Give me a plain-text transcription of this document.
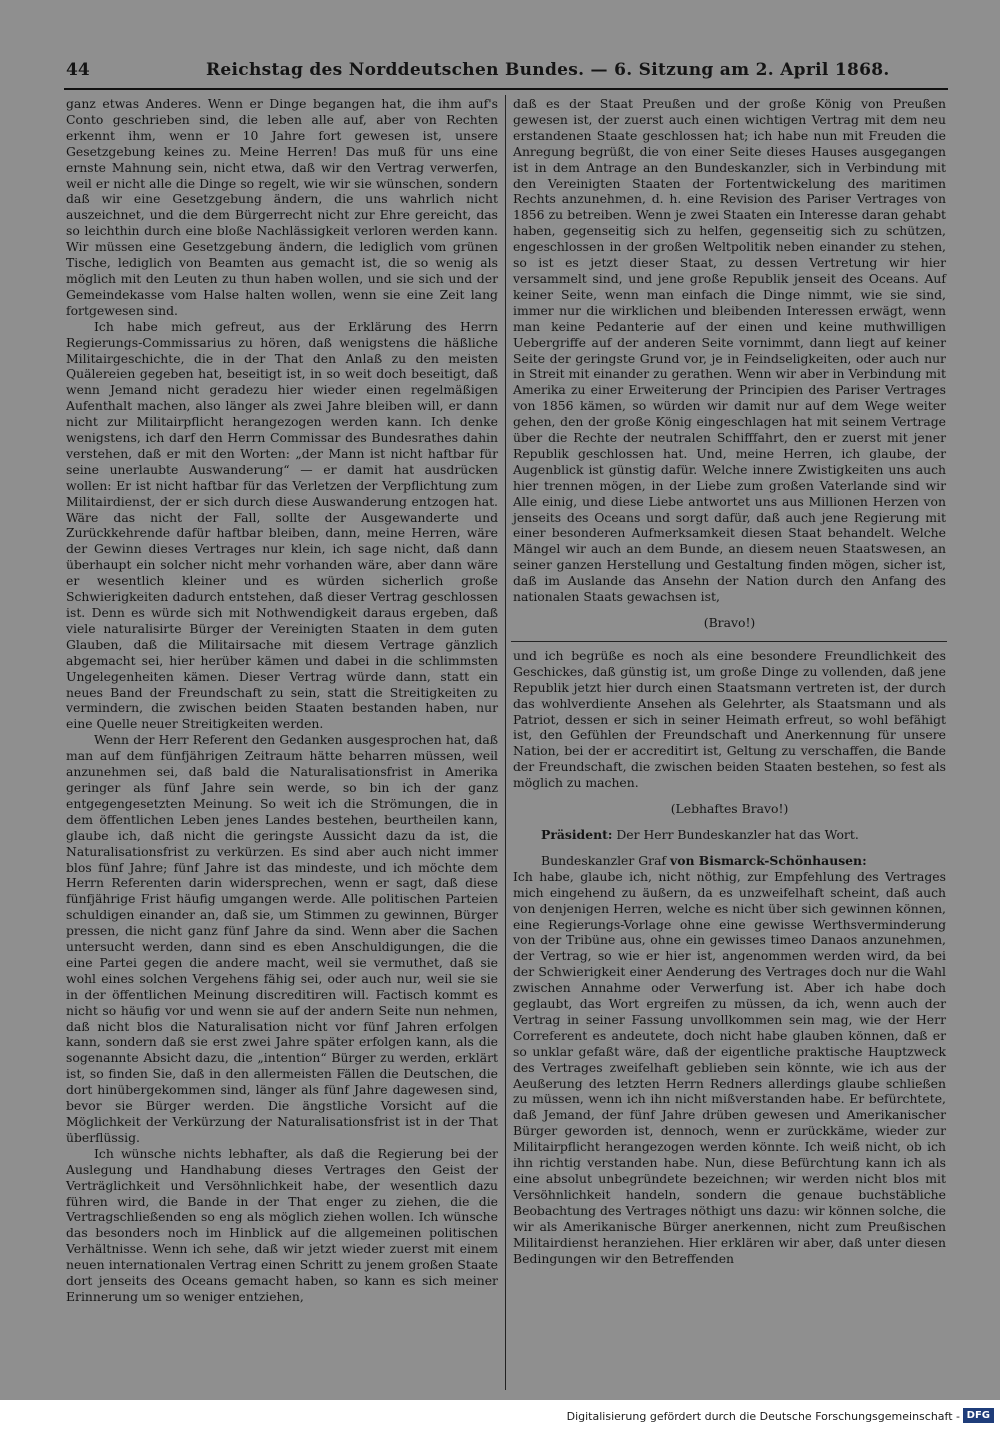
44	Reichstag des Norddeutschen Bundes. — 6. Sitzung am 2. April 1868.

ganz etwas Anderes. Wenn er Dinge begangen hat, die ihm auf's Conto geschrieben sind, die leben alle auf, aber von Rechten erkennt ihm, wenn er 10 Jahre fort gewesen ist, unsere Gesetzgebung keines zu. Meine Herren! Das muß für uns eine ernste Mahnung sein, nicht etwa, daß wir den Vertrag verwerfen, weil er nicht alle die Dinge so regelt, wie wir sie wünschen, sondern daß wir eine Gesetzgebung ändern, die uns wahrlich nicht auszeichnet, und die dem Bürgerrecht nicht zur Ehre gereicht, das so leichthin durch eine bloße Nachlässigkeit verloren werden kann. Wir müssen eine Gesetzgebung ändern, die lediglich vom grünen Tische, lediglich von Beamten aus gemacht ist, die so wenig als möglich mit den Leuten zu thun haben wollen, und sie sich und der Gemeindekasse vom Halse halten wollen, wenn sie eine Zeit lang fortgewesen sind.

Ich habe mich gefreut, aus der Erklärung des Herrn Regierungs-Commissarius zu hören, daß wenigstens die häßliche Militairgeschichte, die in der That den Anlaß zu den meisten Quälereien gegeben hat, beseitigt ist, in so weit doch beseitigt, daß wenn Jemand nicht geradezu hier wieder einen regelmäßigen Aufenthalt machen, also länger als zwei Jahre bleiben will, er dann nicht zur Militairpflicht herangezogen werden kann. Ich denke wenigstens, ich darf den Herrn Commissar des Bundesrathes dahin verstehen, daß er mit den Worten: „der Mann ist nicht haftbar für seine unerlaubte Auswanderung“ — er damit hat ausdrücken wollen: Er ist nicht haftbar für das Verletzen der Verpflichtung zum Militairdienst, der er sich durch diese Auswanderung entzogen hat. Wäre das nicht der Fall, sollte der Ausgewanderte und Zurückkehrende dafür haftbar bleiben, dann, meine Herren, wäre der Gewinn dieses Vertrages nur klein, ich sage nicht, daß dann überhaupt ein solcher nicht mehr vorhanden wäre, aber dann wäre er wesentlich kleiner und es würden sicherlich große Schwierigkeiten dadurch entstehen, daß dieser Vertrag geschlossen ist. Denn es würde sich mit Nothwendigkeit daraus ergeben, daß viele naturalisirte Bürger der Vereinigten Staaten in dem guten Glauben, daß die Militairsache mit diesem Vertrage gänzlich abgemacht sei, hier herüber kämen und dabei in die schlimmsten Ungelegenheiten kämen. Dieser Vertrag würde dann, statt ein neues Band der Freundschaft zu sein, statt die Streitigkeiten zu vermindern, die zwischen beiden Staaten bestanden haben, nur eine Quelle neuer Streitigkeiten werden.

Wenn der Herr Referent den Gedanken ausgesprochen hat, daß man auf dem fünfjährigen Zeitraum hätte beharren müssen, weil anzunehmen sei, daß bald die Naturalisationsfrist in Amerika geringer als fünf Jahre sein werde, so bin ich der ganz entgegengesetzten Meinung. So weit ich die Strömungen, die in dem öffentlichen Leben jenes Landes bestehen, beurtheilen kann, glaube ich, daß nicht die geringste Aussicht dazu da ist, die Naturalisationsfrist zu verkürzen. Es sind aber auch nicht immer blos fünf Jahre; fünf Jahre ist das mindeste, und ich möchte dem Herrn Referenten darin widersprechen, wenn er sagt, daß diese fünfjährige Frist häufig umgangen werde. Alle politischen Parteien schuldigen einander an, daß sie, um Stimmen zu gewinnen, Bürger pressen, die nicht ganz fünf Jahre da sind. Wenn aber die Sachen untersucht werden, dann sind es eben Anschuldigungen, die die eine Partei gegen die andere macht, weil sie vermuthet, daß sie wohl eines solchen Vergehens fähig sei, oder auch nur, weil sie sie in der öffentlichen Meinung discreditiren will. Factisch kommt es nicht so häufig vor und wenn sie auf der andern Seite nun nehmen, daß nicht blos die Naturalisation nicht vor fünf Jahren erfolgen kann, sondern daß sie erst zwei Jahre später erfolgen kann, als die sogenannte Absicht dazu, die „intention“ Bürger zu werden, erklärt ist, so finden Sie, daß in den allermeisten Fällen die Deutschen, die dort hinübergekommen sind, länger als fünf Jahre dagewesen sind, bevor sie Bürger werden. Die ängstliche Vorsicht auf die Möglichkeit der Verkürzung der Naturalisationsfrist ist in der That überflüssig.

Ich wünsche nichts lebhafter, als daß die Regierung bei der Auslegung und Handhabung dieses Vertrages den Geist der Verträglichkeit und Versöhnlichkeit habe, der wesentlich dazu führen wird, die Bande in der That enger zu ziehen, die die Vertragschließenden so eng als möglich ziehen wollen. Ich wünsche das besonders noch im Hinblick auf die allgemeinen politischen Verhältnisse. Wenn ich sehe, daß wir jetzt wieder zuerst mit einem neuen internationalen Vertrag einen Schritt zu jenem großen Staate dort jenseits des Oceans gemacht haben, so kann es sich meiner Erinnerung um so weniger entziehen,

daß es der Staat Preußen und der große König von Preußen gewesen ist, der zuerst auch einen wichtigen Vertrag mit dem neu erstandenen Staate geschlossen hat; ich habe nun mit Freuden die Anregung begrüßt, die von einer Seite dieses Hauses ausgegangen ist in dem Antrage an den Bundeskanzler, sich in Verbindung mit den Vereinigten Staaten der Fortentwickelung des maritimen Rechts anzunehmen, d. h. eine Revision des Pariser Vertrages von 1856 zu betreiben. Wenn je zwei Staaten ein Interesse daran gehabt haben, gegenseitig sich zu helfen, gegenseitig sich zu schützen, engeschlossen in der großen Weltpolitik neben einander zu stehen, so ist es jetzt dieser Staat, zu dessen Vertretung wir hier versammelt sind, und jene große Republik jenseit des Oceans. Auf keiner Seite, wenn man einfach die Dinge nimmt, wie sie sind, immer nur die wirklichen und bleibenden Interessen erwägt, wenn man keine Pedanterie auf der einen und keine muthwilligen Uebergriffe auf der anderen Seite vornimmt, dann liegt auf keiner Seite der geringste Grund vor, je in Feindseligkeiten, oder auch nur in Streit mit einander zu gerathen. Wenn wir aber in Verbindung mit Amerika zu einer Erweiterung der Principien des Pariser Vertrages von 1856 kämen, so würden wir damit nur auf dem Wege weiter gehen, den der große König eingeschlagen hat mit seinem Vertrage über die Rechte der neutralen Schifffahrt, den er zuerst mit jener Republik geschlossen hat. Und, meine Herren, ich glaube, der Augenblick ist günstig dafür. Welche innere Zwistigkeiten uns auch hier trennen mögen, in der Liebe zum großen Vaterlande sind wir Alle einig, und diese Liebe antwortet uns aus Millionen Herzen von jenseits des Oceans und sorgt dafür, daß auch jene Regierung mit einer besonderen Aufmerksamkeit diesen Staat behandelt. Welche Mängel wir auch an dem Bunde, an diesem neuen Staatswesen, an seiner ganzen Herstellung und Gestaltung finden mögen, sicher ist, daß im Auslande das Ansehn der Nation durch den Anfang des nationalen Staats gewachsen ist,

(Bravo!)

und ich begrüße es noch als eine besondere Freundlichkeit des Geschickes, daß günstig ist, um große Dinge zu vollenden, daß jene Republik jetzt hier durch einen Staatsmann vertreten ist, der durch das wohlverdiente Ansehen als Gelehrter, als Staatsmann und als Patriot, dessen er sich in seiner Heimath erfreut, so wohl befähigt ist, den Gefühlen der Freundschaft und Anerkennung für unsere Nation, bei der er accreditirt ist, Geltung zu verschaffen, die Bande der Freundschaft, die zwischen beiden Staaten bestehen, so fest als möglich zu machen.

(Lebhaftes Bravo!)

Präsident: Der Herr Bundeskanzler hat das Wort.

Bundeskanzler Graf von Bismarck-Schönhausen:

Ich habe, glaube ich, nicht nöthig, zur Empfehlung des Vertrages mich eingehend zu äußern, da es unzweifelhaft scheint, daß auch von denjenigen Herren, welche es nicht über sich gewinnen können, eine Regierungs-Vorlage ohne eine gewisse Werthsverminderung von der Tribüne aus, ohne ein gewisses timeo Danaos anzunehmen, der Vertrag, so wie er hier ist, angenommen werden wird, da bei der Schwierigkeit einer Aenderung des Vertrages doch nur die Wahl zwischen Annahme oder Verwerfung ist. Aber ich habe doch geglaubt, das Wort ergreifen zu müssen, da ich, wenn auch der Vertrag in seiner Fassung unvollkommen sein mag, wie der Herr Correferent es andeutete, doch nicht habe glauben können, daß er so unklar gefaßt wäre, daß der eigentliche praktische Hauptzweck des Vertrages zweifelhaft geblieben sein könnte, wie ich aus der Aeußerung des letzten Herrn Redners allerdings glaube schließen zu müssen, wenn ich ihn nicht mißverstanden habe. Er befürchtete, daß Jemand, der fünf Jahre drüben gewesen und Amerikanischer Bürger geworden ist, dennoch, wenn er zurückkäme, wieder zur Militairpflicht herangezogen werden könnte. Ich weiß nicht, ob ich ihn richtig verstanden habe. Nun, diese Befürchtung kann ich als eine absolut unbegründete bezeichnen; wir werden nicht blos mit Versöhnlichkeit handeln, sondern die genaue buchstäbliche Beobachtung des Vertrages nöthigt uns dazu: wir können solche, die wir als Amerikanische Bürger anerkennen, nicht zum Preußischen Militairdienst heranziehen. Hier erklären wir aber, daß unter diesen Bedingungen wir den Betreffenden

Digitalisierung gefördert durch die Deutsche Forschungsgemeinschaft - DFG
